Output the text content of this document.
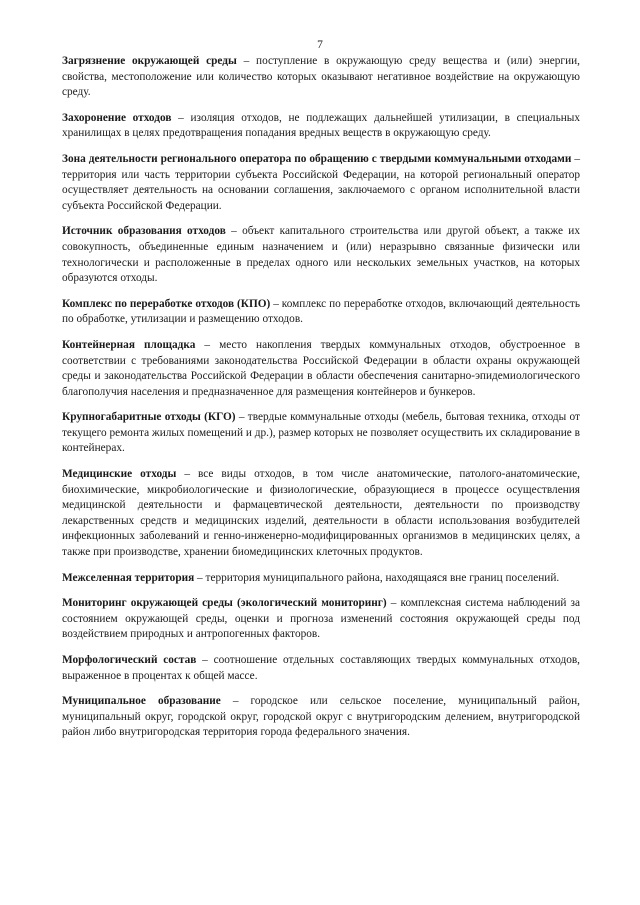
7

Загрязнение окружающей среды – поступление в окружающую среду вещества и (или) энергии, свойства, местоположение или количество которых оказывают негативное воздействие на окружающую среду.

Захоронение отходов – изоляция отходов, не подлежащих дальнейшей утилизации, в специальных хранилищах в целях предотвращения попадания вредных веществ в окружающую среду.

Зона деятельности регионального оператора по обращению с твердыми коммунальными отходами – территория или часть территории субъекта Российской Федерации, на которой региональный оператор осуществляет деятельность на основании соглашения, заключаемого с органом исполнительной власти субъекта Российской Федерации.

Источник образования отходов – объект капитального строительства или другой объект, а также их совокупность, объединенные единым назначением и (или) неразрывно связанные физически или технологически и расположенные в пределах одного или нескольких земельных участков, на которых образуются отходы.

Комплекс по переработке отходов (КПО) – комплекс по переработке отходов, включающий деятельность по обработке, утилизации и размещению отходов.

Контейнерная площадка – место накопления твердых коммунальных отходов, обустроенное в соответствии с требованиями законодательства Российской Федерации в области охраны окружающей среды и законодательства Российской Федерации в области обеспечения санитарно-эпидемиологического благополучия населения и предназначенное для размещения контейнеров и бункеров.

Крупногабаритные отходы (КГО) – твердые коммунальные отходы (мебель, бытовая техника, отходы от текущего ремонта жилых помещений и др.), размер которых не позволяет осуществить их складирование в контейнерах.

Медицинские отходы – все виды отходов, в том числе анатомические, патолого-анатомические, биохимические, микробиологические и физиологические, образующиеся в процессе осуществления медицинской деятельности и фармацевтической деятельности, деятельности по производству лекарственных средств и медицинских изделий, деятельности в области использования возбудителей инфекционных заболеваний и генно-инженерно-модифицированных организмов в медицинских целях, а также при производстве, хранении биомедицинских клеточных продуктов.

Межселенная территория – территория муниципального района, находящаяся вне границ поселений.

Мониторинг окружающей среды (экологический мониторинг) – комплексная система наблюдений за состоянием окружающей среды, оценки и прогноза изменений состояния окружающей среды под воздействием природных и антропогенных факторов.

Морфологический состав – соотношение отдельных составляющих твердых коммунальных отходов, выраженное в процентах к общей массе.

Муниципальное образование – городское или сельское поселение, муниципальный район, муниципальный округ, городской округ, городской округ с внутригородским делением, внутригородской район либо внутригородская территория города федерального значения.
